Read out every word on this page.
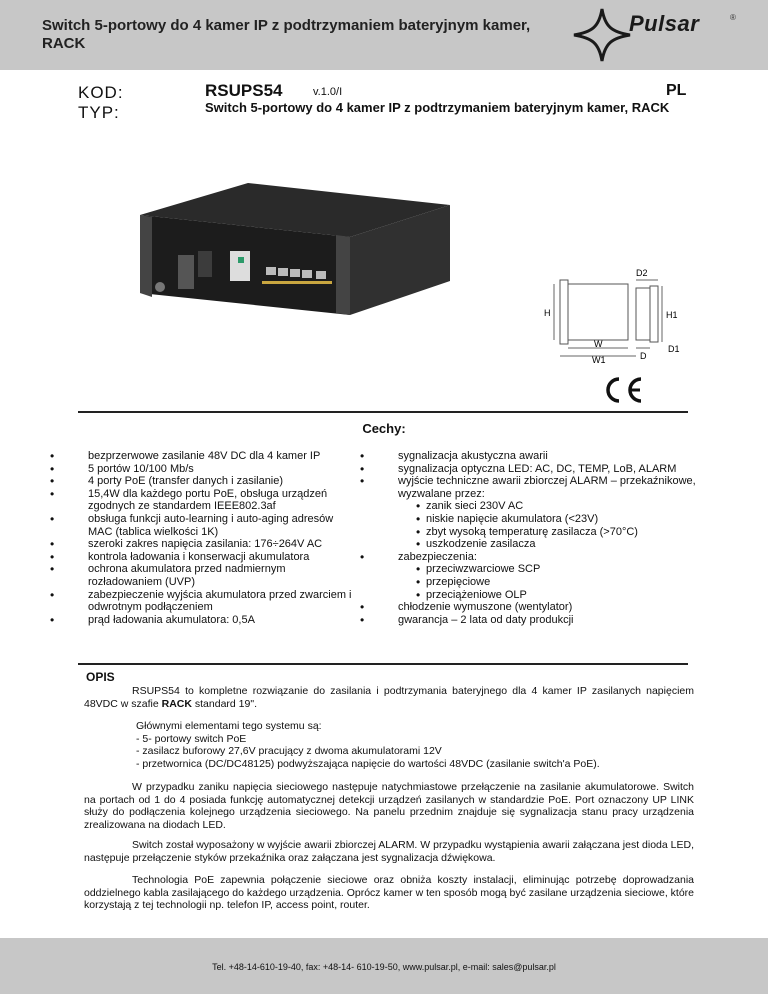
Switch 5-portowy do 4 kamer IP z podtrzymaniem bateryjnym kamer, RACK
Pulsar	®
KOD:
TYP:
RSUPS54	v.1.0/I	PL
Switch 5-portowy do 4 kamer IP z podtrzymaniem bateryjnym kamer, RACK
D2
H	H1
W
W1	D
D1
Cechy:
• bezprzerwowe zasilanie 48V DC dla 4 kamer IP
• 5 portów 10/100 Mb/s
• 4 porty PoE (transfer danych i zasilanie)
• 15,4W dla każdego portu PoE, obsługa urządzeń zgodnych ze standardem IEEE802.3af
• obsługa funkcji auto-learning i auto-aging adresów MAC (tablica wielkości 1K)
• szeroki zakres napięcia zasilania: 176÷264V AC
• kontrola ładowania i konserwacji akumulatora
• ochrona akumulatora przed nadmiernym rozładowaniem (UVP)
• zabezpieczenie wyjścia akumulatora przed zwarciem i odwrotnym podłączeniem
• prąd ładowania akumulatora: 0,5A
• sygnalizacja akustyczna awarii
• sygnalizacja optyczna LED: AC, DC, TEMP, LoB, ALARM
• wyjście techniczne awarii zbiorczej ALARM – przekaźnikowe, wyzwalane przez:
• zanik sieci 230V AC
• niskie napięcie akumulatora (<23V)
• zbyt wysoką temperaturę zasilacza (>70°C)
• uszkodzenie zasilacza
• zabezpieczenia:
• przeciwzwarciowe SCP
• przepięciowe
• przeciążeniowe OLP
• chłodzenie wymuszone (wentylator)
• gwarancja – 2 lata od daty produkcji
OPIS
RSUPS54 to kompletne rozwiązanie do zasilania i podtrzymania bateryjnego dla 4 kamer IP zasilanych napięciem 48VDC w szafie RACK standard 19".
Głównymi elementami tego systemu są:
- 5- portowy switch PoE
- zasilacz buforowy 27,6V pracujący z dwoma akumulatorami 12V
- przetwornica (DC/DC48125) podwyższająca napięcie do wartości 48VDC (zasilanie switch'a PoE).
W przypadku zaniku napięcia sieciowego następuje natychmiastowe przełączenie na zasilanie akumulatorowe. Switch na portach od 1 do 4 posiada funkcję automatycznej detekcji urządzeń zasilanych w standardzie PoE. Port oznaczony UP LINK służy do podłączenia kolejnego urządzenia sieciowego. Na panelu przednim znajduje się sygnalizacja stanu pracy urządzenia zrealizowana na diodach LED.
Switch został wyposażony w wyjście awarii zbiorczej ALARM. W przypadku wystąpienia awarii załączana jest dioda LED, następuje przełączenie styków przekaźnika oraz załączana jest sygnalizacja dźwiękowa.
Technologia PoE zapewnia połączenie sieciowe oraz obniża koszty instalacji, eliminując potrzebę doprowadzania oddzielnego kabla zasilającego do każdego urządzenia. Oprócz kamer w ten sposób mogą być zasilane urządzenia sieciowe, które korzystają z tej technologii np. telefon IP, access point, router.
Tel. +48-14-610-19-40, fax: +48-14- 610-19-50, www.pulsar.pl, e-mail: sales@pulsar.pl
